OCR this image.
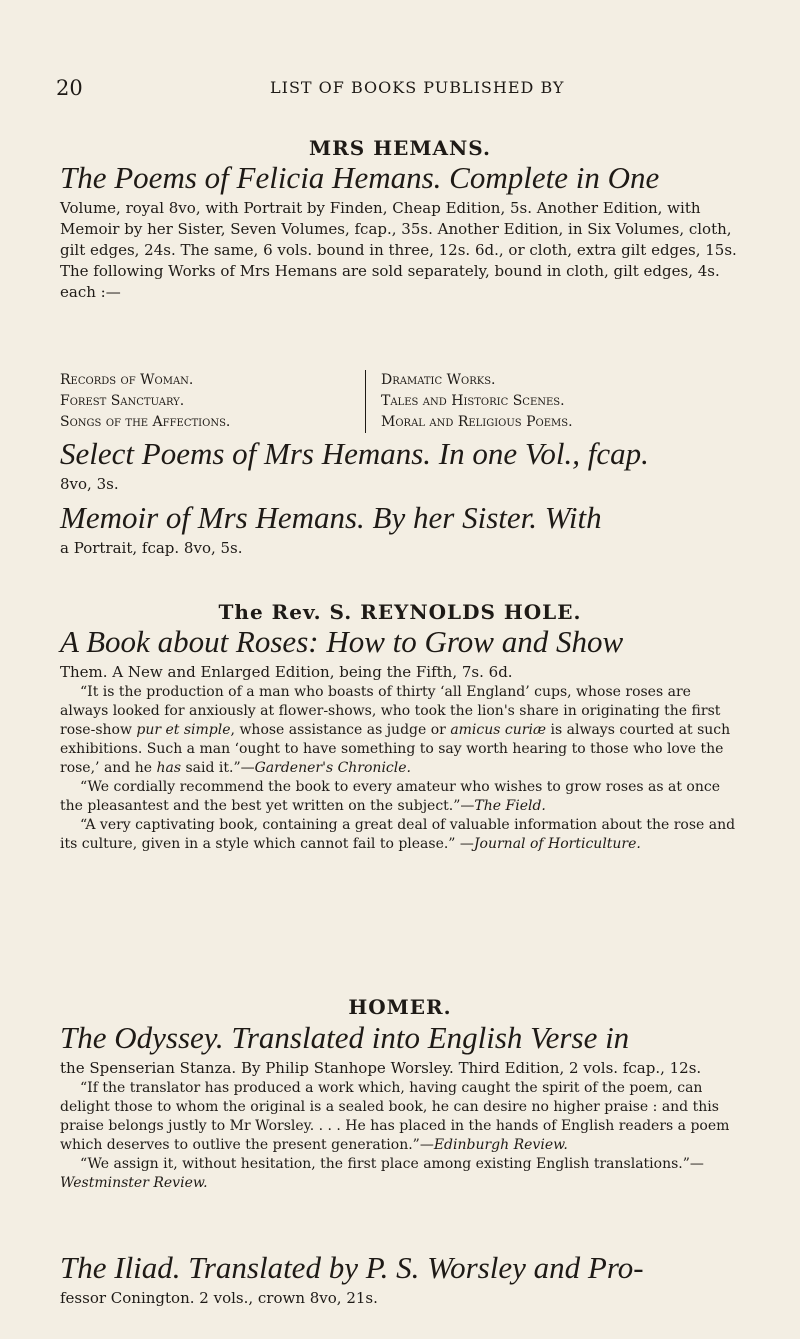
20	LIST OF BOOKS PUBLISHED BY
MRS HEMANS.
The Poems of Felicia Hemans. Complete in One

Volume, royal 8vo, with Portrait by Finden, Cheap Edition, 5s. Another Edition, with Memoir by her Sister, Seven Volumes, fcap., 35s. Another Edition, in Six Volumes, cloth, gilt edges, 24s. The same, 6 vols. bound in three, 12s. 6d., or cloth, extra gilt edges, 15s.

The following Works of Mrs Hemans are sold separately, bound in cloth, gilt edges, 4s. each :—

Records of Woman.
Forest Sanctuary.
Songs of the Affections.
Dramatic Works.
Tales and Historic Scenes.
Moral and Religious Poems.
Select Poems of Mrs Hemans. In one Vol., fcap.
8vo, 3s.
Memoir of Mrs Hemans. By her Sister. With
a Portrait, fcap. 8vo, 5s.
The Rev. S. REYNOLDS HOLE.
A Book about Roses: How to Grow and Show

Them. A New and Enlarged Edition, being the Fifth, 7s. 6d.

“It is the production of a man who boasts of thirty ‘all England’ cups, whose roses are always looked for anxiously at flower-shows, who took the lion's share in originating the first rose-show pur et simple, whose assistance as judge or amicus curiæ is always courted at such exhibitions. Such a man ‘ought to have something to say worth hearing to those who love the rose,’ and he has said it.”—Gardener's Chronicle.

“We cordially recommend the book to every amateur who wishes to grow roses as at once the pleasantest and the best yet written on the subject.”—The Field.

“A very captivating book, containing a great deal of valuable information about the rose and its culture, given in a style which cannot fail to please.” —Journal of Horticulture.

HOMER.
The Odyssey. Translated into English Verse in

the Spenserian Stanza. By Philip Stanhope Worsley. Third Edition, 2 vols. fcap., 12s.

“If the translator has produced a work which, having caught the spirit of the poem, can delight those to whom the original is a sealed book, he can desire no higher praise : and this praise belongs justly to Mr Worsley. . . . He has placed in the hands of English readers a poem which deserves to outlive the present generation.”—Edinburgh Review.

“We assign it, without hesitation, the first place among existing English translations.”—Westminster Review.

The Iliad. Translated by P. S. Worsley and Pro-
fessor Conington. 2 vols., crown 8vo, 21s.
